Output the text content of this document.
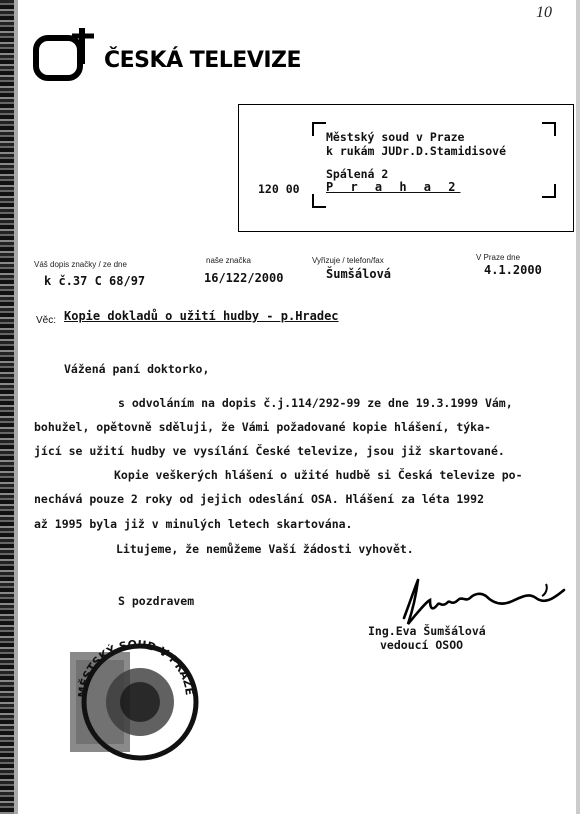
ČESKÁ TELEVIZE
10
Městský soud v Praze
k rukám JUDr.D.Stamidisové
Spálená 2
120 00 P r a h a 2
Váš dopis značky / ze dne
k č.37 C 68/97
naše značka
16/122/2000
Vyřizuje / telefon/fax
Šumšálová
V Praze dne
4.1.2000
Věc: Kopie dokladů o užití hudby - p.Hradec
Vážená paní doktorko,
s odvoláním na dopis č.j.114/292-99 ze dne 19.3.1999 Vám,
bohužel, opětovně sděluji, že Vámi požadované kopie hlášení, týka-
jící se užití hudby ve vysílání České televize, jsou již skartované.
Kopie veškerých hlášení o užité hudbě si Česká televize po-
nechává pouze 2 roky od jejich odeslání OSA. Hlášení za léta 1992
až 1995 byla již v minulých letech skartována.
Litujeme, že nemůžeme Vaší žádosti vyhovět.
S pozdravem
Ing.Eva Šumšálová
vedoucí OSOO
MĚSTSKÝ SOUD V PRAZE
